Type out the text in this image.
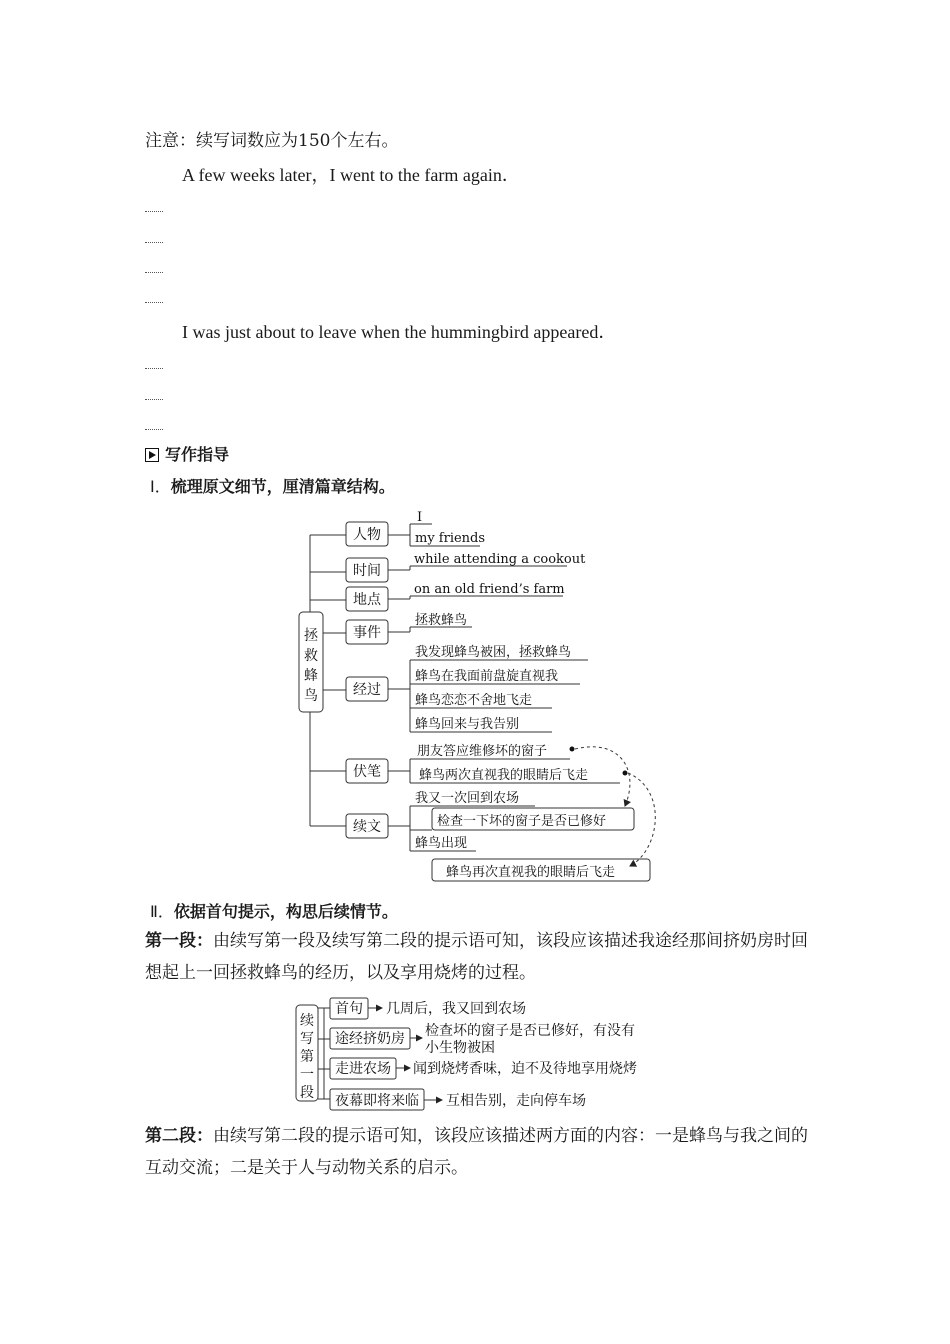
注意：续写词数应为150个左右。
A few weeks later，I went to the farm again．
I was just about to leave when the hummingbird appeared．
写作指导
Ⅰ．梳理原文细节，厘清篇章结构。
拯
救
蜂
鸟
人物
时间
地点
事件
经过
伏笔
续文
I
my friends
while attending a cookout
on an old friend’s farm
拯救蜂鸟
我发现蜂鸟被困，拯救蜂鸟
蜂鸟在我面前盘旋直视我
蜂鸟恋恋不舍地飞走
蜂鸟回来与我告别
朋友答应维修坏的窗子
蜂鸟两次直视我的眼睛后飞走
我又一次回到农场
检查一下坏的窗子是否已修好
蜂鸟出现
蜂鸟再次直视我的眼睛后飞走
Ⅱ．依据首句提示，构思后续情节。
第一段：由续写第一段及续写第二段的提示语可知，该段应该描述我途经那间挤奶房时回想起上一回拯救蜂鸟的经历，以及享用烧烤的过程。
续
写
第
一
段
首句
途经挤奶房
走进农场
夜幕即将来临
几周后，我又回到农场
检查坏的窗子是否已修好，有没有
小生物被困
闻到烧烤香味，迫不及待地享用烧烤
互相告别，走向停车场
第二段：由续写第二段的提示语可知，该段应该描述两方面的内容：一是蜂鸟与我之间的互动交流；二是关于人与动物关系的启示。
